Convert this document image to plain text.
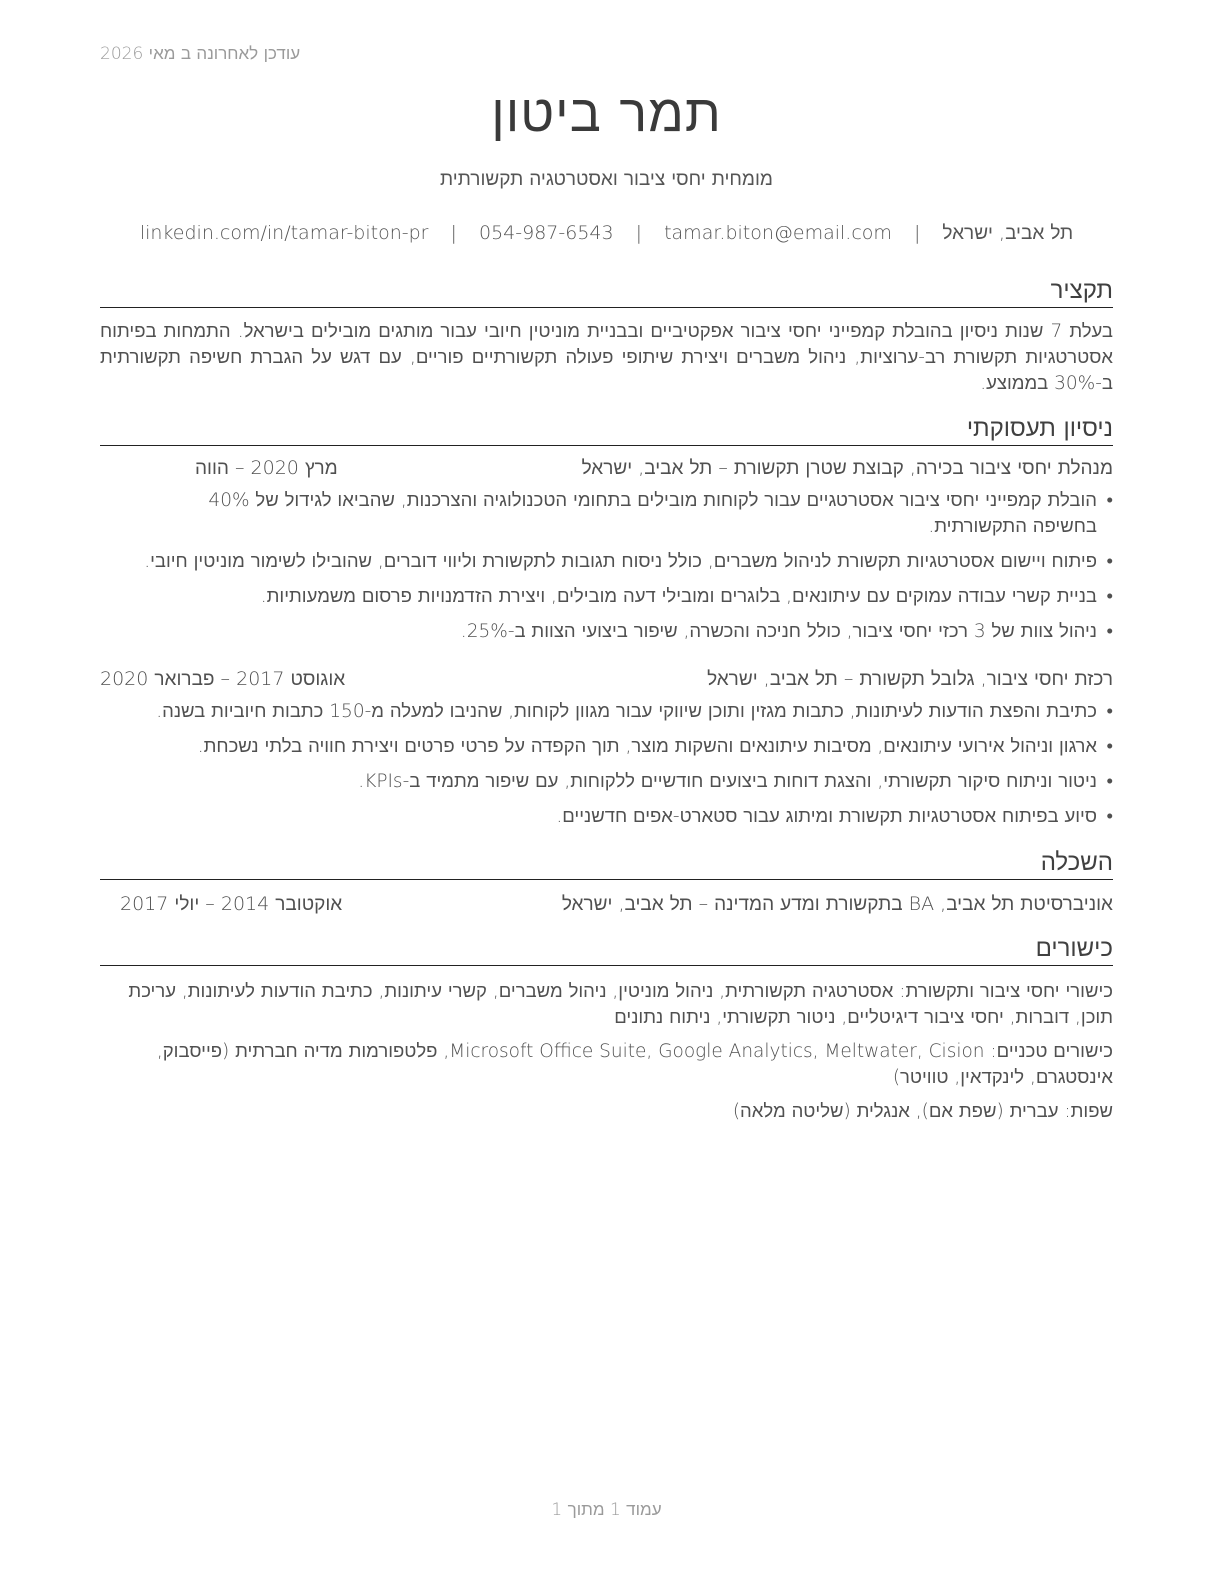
עודכן לאחרונה ב מאי 2026
תמר ביטון
מומחית יחסי ציבור ואסטרטגיה תקשורתית
תל אביב, ישראל | tamar.biton@email.com | 054-987-6543 | linkedin.com/in/tamar-biton-pr
תקציר
בעלת 7 שנות ניסיון בהובלת קמפייני יחסי ציבור אפקטיביים ובבניית מוניטין חיובי עבור מותגים מובילים בישראל. התמחות בפיתוח אסטרטגיות תקשורת רב-ערוציות, ניהול משברים ויצירת שיתופי פעולה תקשורתיים פוריים, עם דגש על הגברת חשיפה תקשורתית ב-30% בממוצע.
ניסיון תעסוקתי
מנהלת יחסי ציבור בכירה, קבוצת שטרן תקשורת – תל אביב, ישראל
מרץ 2020 – הווה
• הובלת קמפייני יחסי ציבור אסטרטגיים עבור לקוחות מובילים בתחומי הטכנולוגיה והצרכנות, שהביאו לגידול של 40% בחשיפה התקשורתית.
• פיתוח ויישום אסטרטגיות תקשורת לניהול משברים, כולל ניסוח תגובות לתקשורת וליווי דוברים, שהובילו לשימור מוניטין חיובי.
• בניית קשרי עבודה עמוקים עם עיתונאים, בלוגרים ומובילי דעה מובילים, ויצירת הזדמנויות פרסום משמעותיות.
• ניהול צוות של 3 רכזי יחסי ציבור, כולל חניכה והכשרה, שיפור ביצועי הצוות ב-25%.
רכזת יחסי ציבור, גלובל תקשורת – תל אביב, ישראל
אוגוסט 2017 – פברואר 2020
• כתיבת והפצת הודעות לעיתונות, כתבות מגזין ותוכן שיווקי עבור מגוון לקוחות, שהניבו למעלה מ-150 כתבות חיוביות בשנה.
• ארגון וניהול אירועי עיתונאים, מסיבות עיתונאים והשקות מוצר, תוך הקפדה על פרטי פרטים ויצירת חוויה בלתי נשכחת.
• ניטור וניתוח סיקור תקשורתי, והצגת דוחות ביצועים חודשיים ללקוחות, עם שיפור מתמיד ב-KPIs.
• סיוע בפיתוח אסטרטגיות תקשורת ומיתוג עבור סטארט-אפים חדשניים.
השכלה
אוניברסיטת תל אביב, BA בתקשורת ומדע המדינה – תל אביב, ישראל
אוקטובר 2014 – יולי 2017
כישורים
כישורי יחסי ציבור ותקשורת: אסטרטגיה תקשורתית, ניהול מוניטין, ניהול משברים, קשרי עיתונות, כתיבת הודעות לעיתונות, עריכת תוכן, דוברות, יחסי ציבור דיגיטליים, ניטור תקשורתי, ניתוח נתונים
כישורים טכניים: Microsoft Office Suite, Google Analytics, Meltwater, Cision, פלטפורמות מדיה חברתית (פייסבוק, אינסטגרם, לינקדאין, טוויטר)
שפות: עברית (שפת אם), אנגלית (שליטה מלאה)
עמוד 1 מתוך 1
